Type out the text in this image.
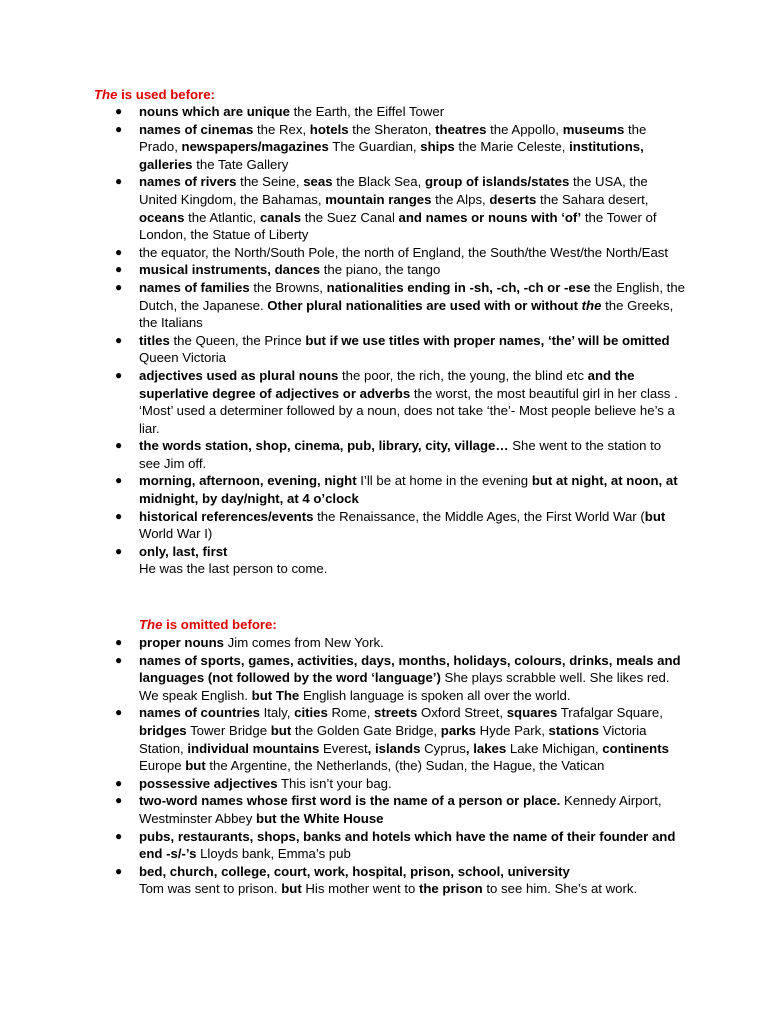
The is used before:
●	nouns which are unique the Earth, the Eiffel Tower
●	names of cinemas the Rex, hotels the Sheraton, theatres the Appollo, museums the Prado, newspapers/magazines The Guardian, ships the Marie Celeste, institutions, galleries the Tate Gallery
●	names of rivers the Seine, seas the Black Sea, group of islands/states the USA, the United Kingdom, the Bahamas, mountain ranges the Alps, deserts the Sahara desert, oceans the Atlantic, canals the Suez Canal and names or nouns with ‘of’ the Tower of London, the Statue of Liberty
●	the equator, the North/South Pole, the north of England, the South/the West/the North/East
●	musical instruments, dances the piano, the tango
●	names of families the Browns, nationalities ending in -sh, -ch, -ch or -ese the English, the Dutch, the Japanese. Other plural nationalities are used with or without the the Greeks, the Italians
●	titles the Queen, the Prince but if we use titles with proper names, ‘the’ will be omitted Queen Victoria
●	adjectives used as plural nouns the poor, the rich, the young, the blind etc and the superlative degree of adjectives or adverbs the worst, the most beautiful girl in her class . ‘Most’ used a determiner followed by a noun, does not take ‘the’- Most people believe he’s a liar.
●	the words station, shop, cinema, pub, library, city, village… She went to the station to see Jim off.
●	morning, afternoon, evening, night I’ll be at home in the evening but at night, at noon, at midnight, by day/night, at 4 o’clock
●	historical references/events the Renaissance, the Middle Ages, the First World War (but World War I)
●	only, last, first
He was the last person to come.
The is omitted before:
●	proper nouns Jim comes from New York.
●	names of sports, games, activities, days, months, holidays, colours, drinks, meals and languages (not followed by the word ‘language’) She plays scrabble well. She likes red. We speak English. but The English language is spoken all over the world.
●	names of countries Italy, cities Rome, streets Oxford Street, squares Trafalgar Square, bridges Tower Bridge but the Golden Gate Bridge, parks Hyde Park, stations Victoria Station, individual mountains Everest, islands Cyprus, lakes Lake Michigan, continents Europe but the Argentine, the Netherlands, (the) Sudan, the Hague, the Vatican
●	possessive adjectives This isn’t your bag.
●	two-word names whose first word is the name of a person or place. Kennedy Airport, Westminster Abbey but the White House
●	pubs, restaurants, shops, banks and hotels which have the name of their founder and end -s/-’s Lloyds bank, Emma’s pub
●	bed, church, college, court, work, hospital, prison, school, university
Tom was sent to prison. but His mother went to the prison to see him. She’s at work.
